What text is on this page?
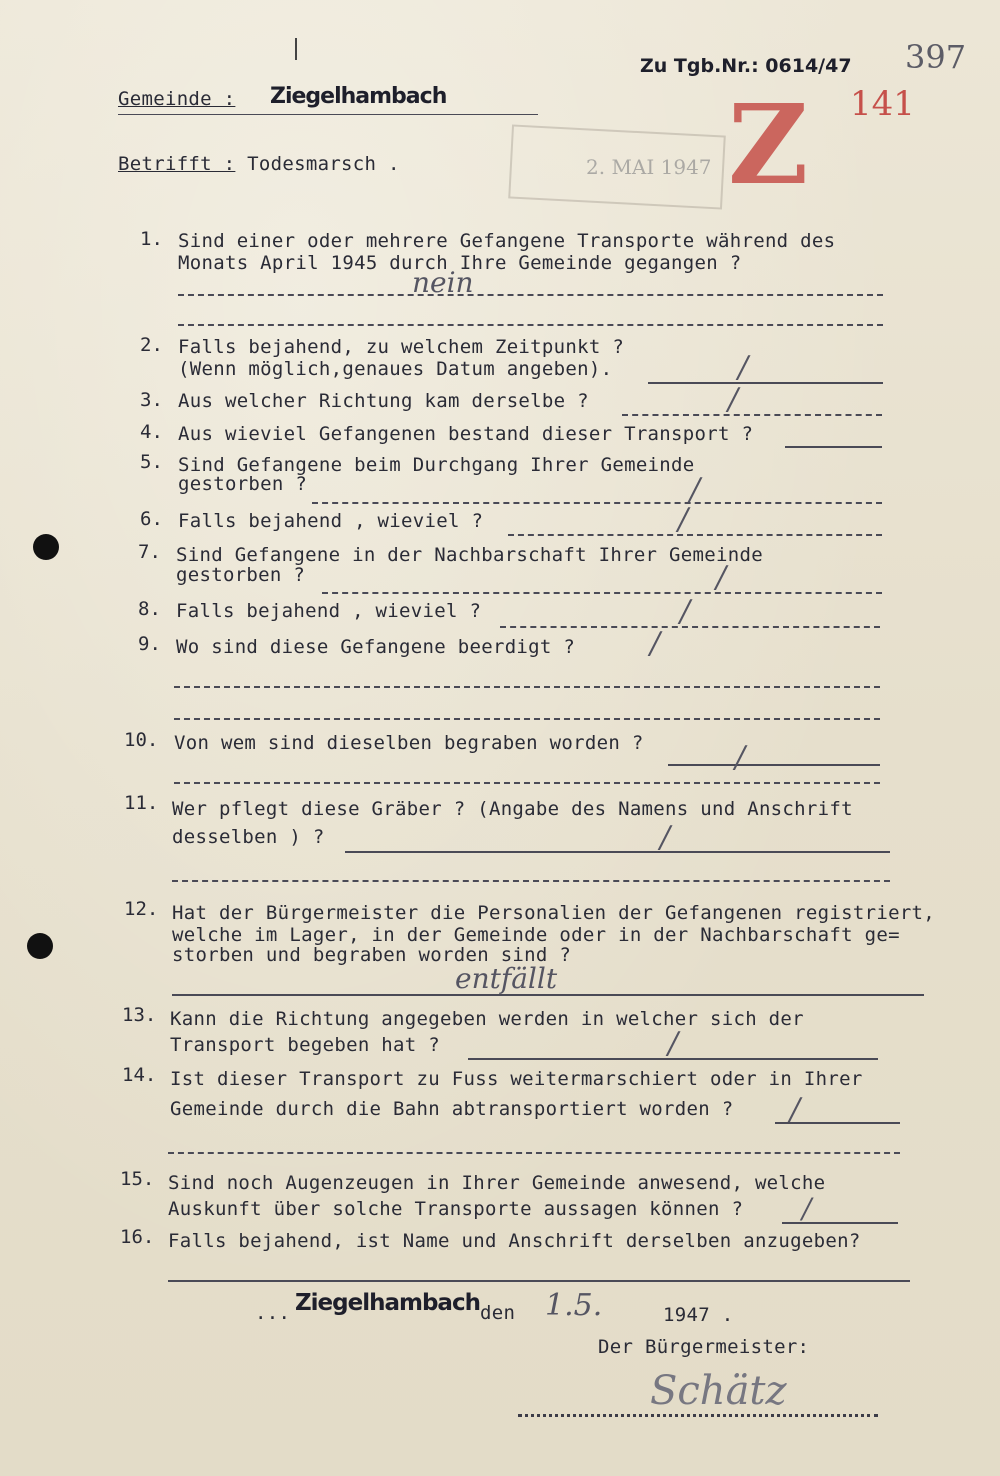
Zu Tgb.Nr.: 0614/47 397
141
Z
2. MAI 1947
Gemeinde : Ziegelhambach
Betrifft : Todesmarsch .
1. Sind einer oder mehrere Gefangene Transporte während des
Monats April 1945 durch Ihre Gemeinde gegangen ?
nein
2. Falls bejahend, zu welchem Zeitpunkt ?
(Wenn möglich,genaues Datum angeben).	/
3. Aus welcher Richtung kam derselbe ?	/
4. Aus wieviel Gefangenen bestand dieser Transport ?
5. Sind Gefangene beim Durchgang Ihrer Gemeinde
gestorben ?	/
6. Falls bejahend , wieviel ?	/
7. Sind Gefangene in der Nachbarschaft Ihrer Gemeinde
gestorben ?	/
8. Falls bejahend , wieviel ?	/
9. Wo sind diese Gefangene beerdigt ? /
10. Von wem sind dieselben begraben worden ?	/
11. Wer pflegt diese Gräber ? (Angabe des Namens und Anschrift
desselben ) ?	/
12. Hat der Bürgermeister die Personalien der Gefangenen registriert,
welche im Lager, in der Gemeinde oder in der Nachbarschaft ge=
storben und begraben worden sind ?
entfällt
13. Kann die Richtung angegeben werden in welcher sich der
Transport begeben hat ?	/
14. Ist dieser Transport zu Fuss weitermarschiert oder in Ihrer
Gemeinde durch die Bahn abtransportiert worden ? /
15. Sind noch Augenzeugen in Ihrer Gemeinde anwesend, welche
Auskunft über solche Transporte aussagen können ? /
16. Falls bejahend, ist Name und Anschrift derselben anzugeben?
... Ziegelhambach den 1.5.	1947 .
Der Bürgermeister:
Schätz
